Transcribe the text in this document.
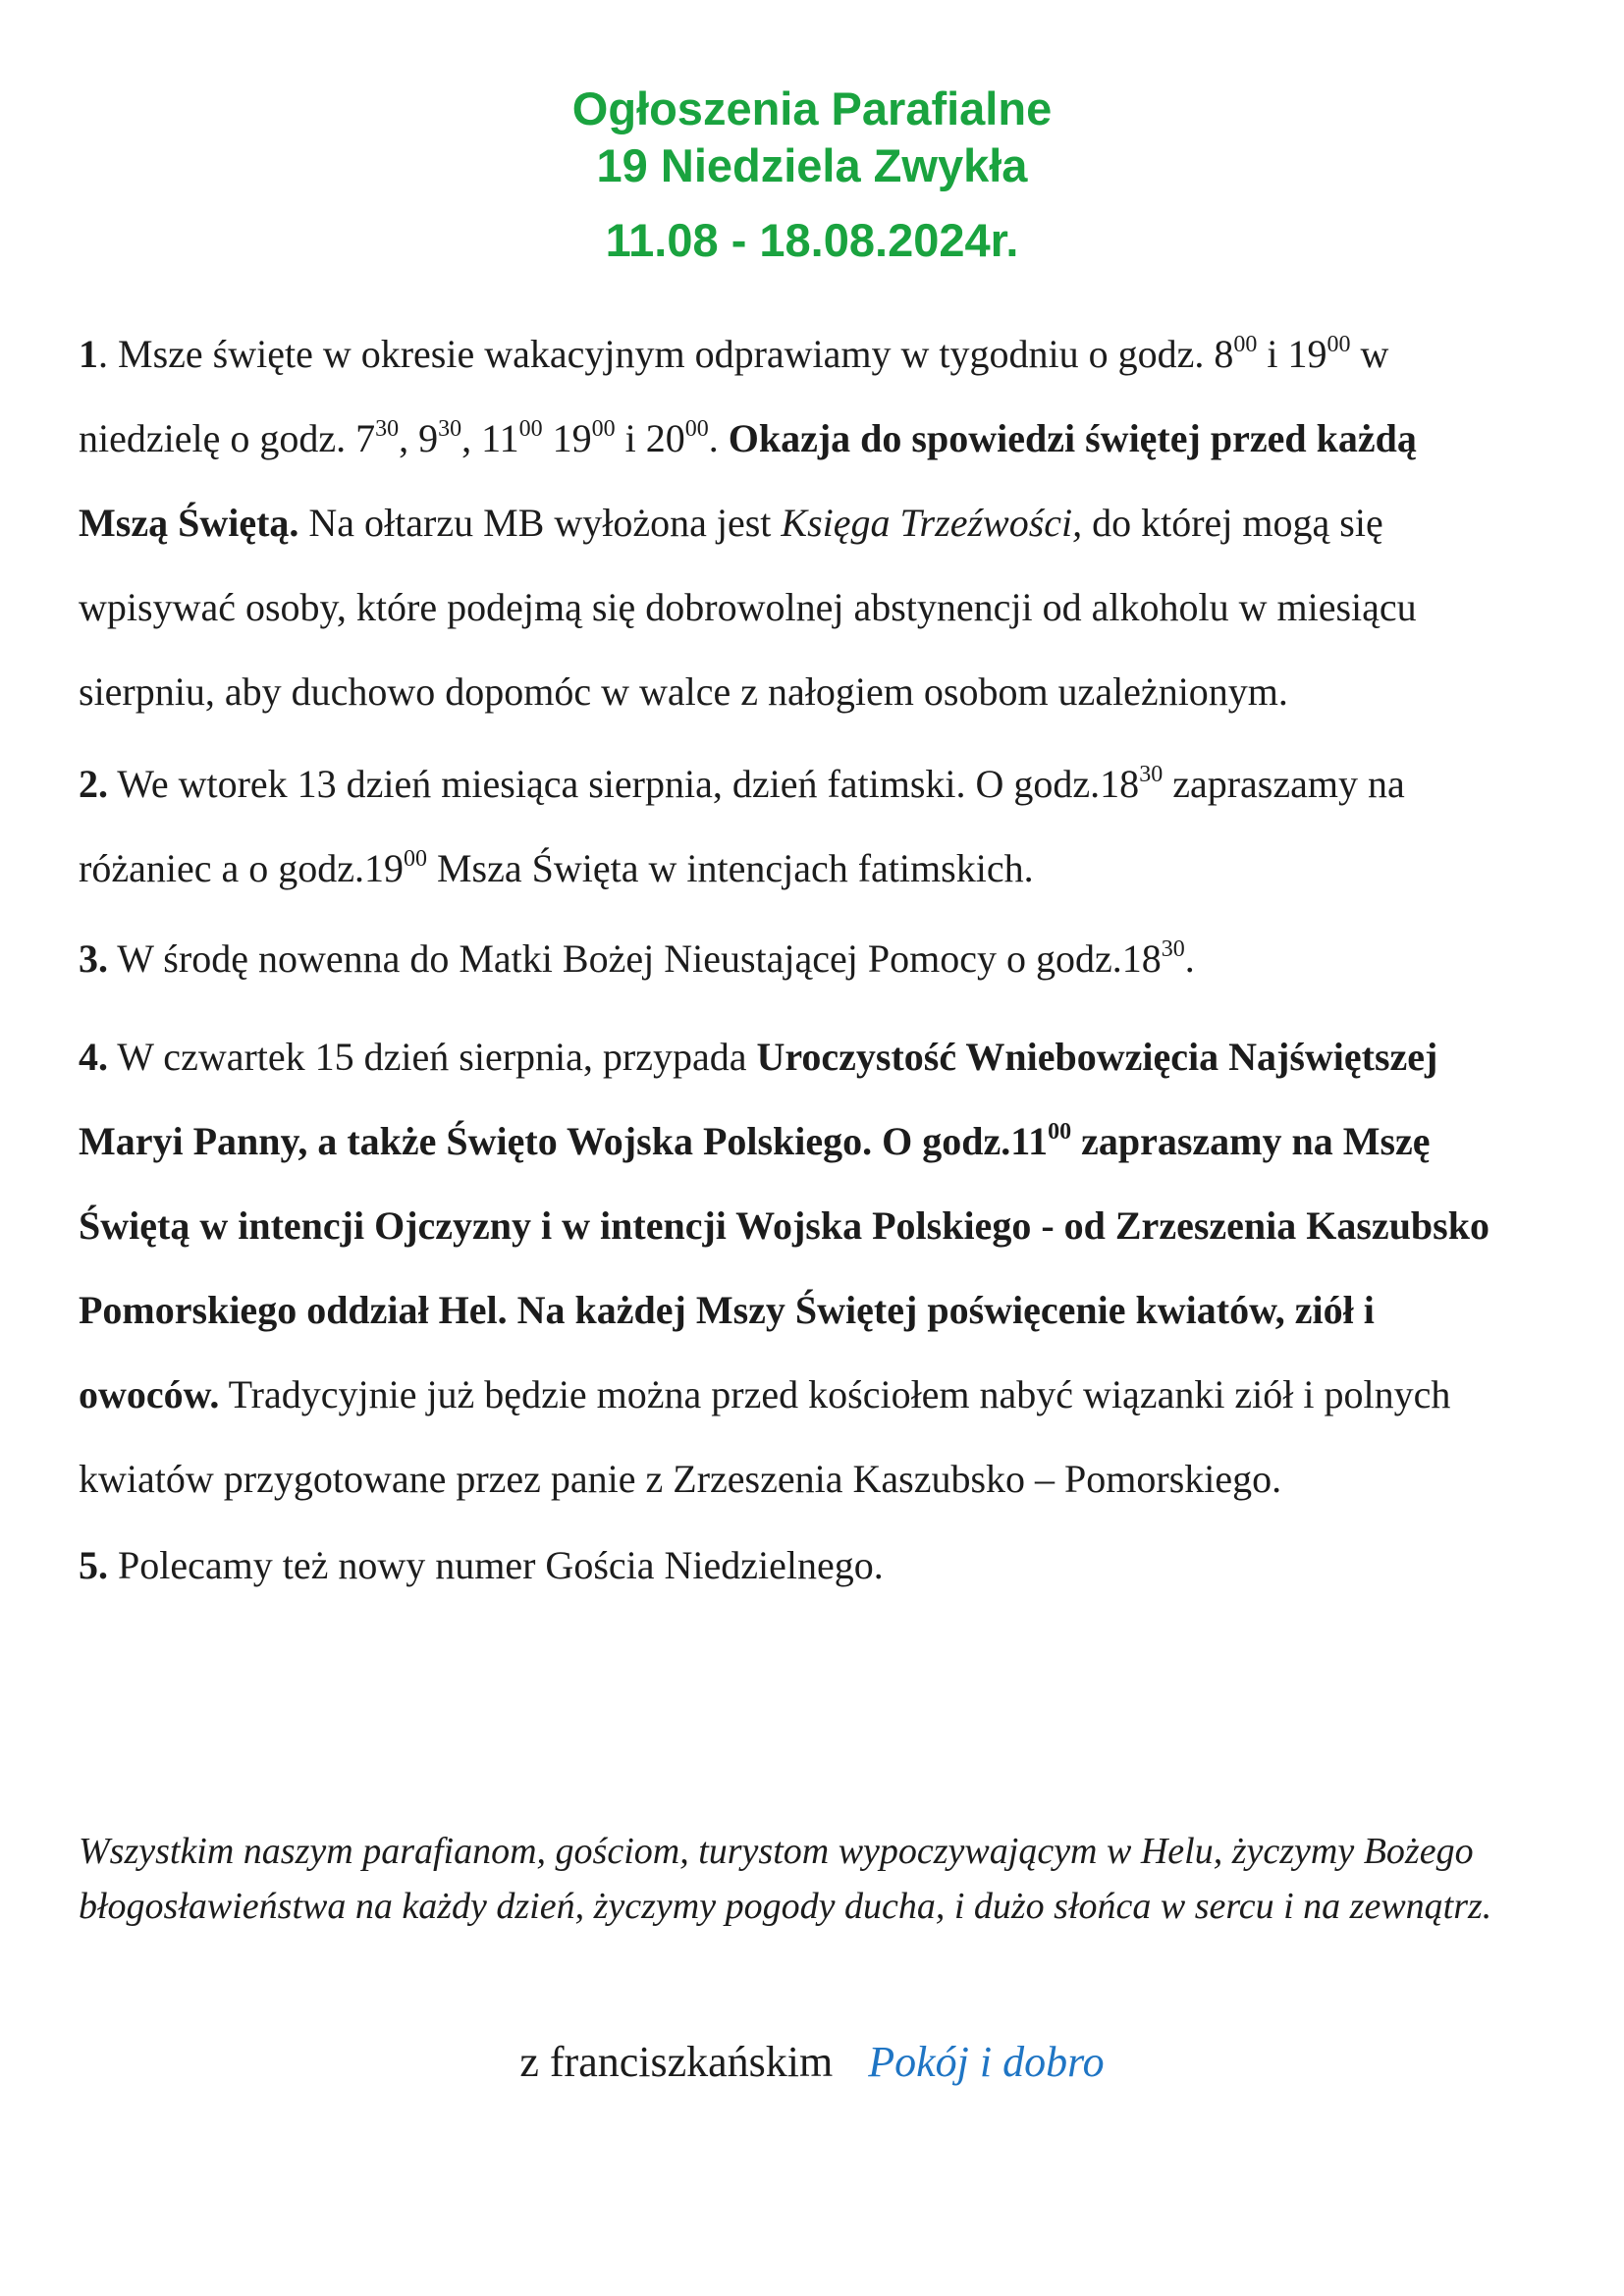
Ogłoszenia Parafialne
19 Niedziela Zwykła
11.08 - 18.08.2024r.

1. Msze święte w okresie wakacyjnym odprawiamy w tygodniu o godz. $8^{00}$ i $19^{00}$ w niedzielę o godz. $7^{30}$, $9^{30}$, $11^{00}$ $19^{00}$ i $20^{00}$. Okazja do spowiedzi świętej przed każdą Mszą Świętą. Na ołtarzu MB wyłożona jest Księga Trzeźwości, do której mogą się wpisywać osoby, które podejmą się dobrowolnej abstynencji od alkoholu w miesiącu sierpniu, aby duchowo dopomóc w walce z nałogiem osobom uzależnionym.

2. We wtorek 13 dzień miesiąca sierpnia, dzień fatimski. O $godz.18^{30}$ zapraszamy na różaniec a o $godz.19^{00}$ Msza Święta w intencjach fatimskich.

3. W środę nowenna do Matki Bożej Nieustającej Pomocy o $godz.18^{30}$.

4. W czwartek 15 dzień sierpnia, przypada Uroczystość Wniebowzięcia Najświętszej Maryi Panny, a także Święto Wojska Polskiego. O $godz.11^{00}$ zapraszamy na Mszę Świętą w intencji Ojczyzny i w intencji Wojska Polskiego - od Zrzeszenia Kaszubsko Pomorskiego oddział Hel. Na każdej Mszy Świętej poświęcenie kwiatów, ziół i owoców. Tradycyjnie już będzie można przed kościołem nabyć wiązanki ziół i polnych kwiatów przygotowane przez panie z Zrzeszenia Kaszubsko – Pomorskiego.

5. Polecamy też nowy numer Gościa Niedzielnego.

Wszystkim naszym parafianom, gościom, turystom wypoczywającym w Helu, życzymy Bożego błogosławieństwa na każdy dzień, życzymy pogody ducha, i dużo słońca w sercu i na zewnątrz.

z franciszkańskim Pokój i dobro
